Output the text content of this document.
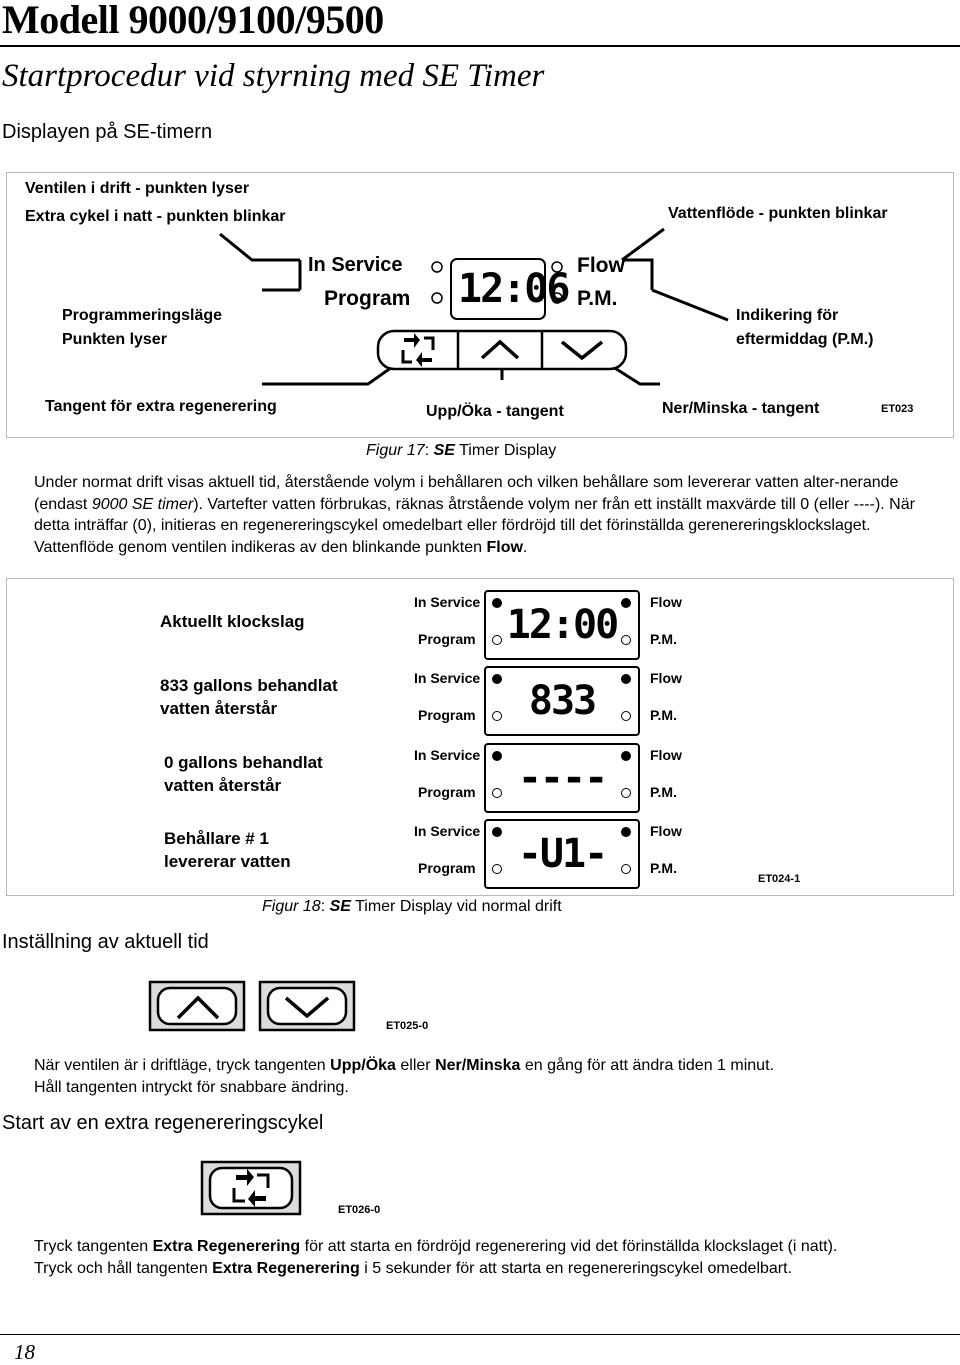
Modell 9000/9100/9500
Startprocedur vid styrning med SE Timer
Displayen på SE-timern
Ventilen i drift - punkten lyser
Extra cykel i natt - punkten blinkar	Vattenflöde - punkten blinkar
Programmeringsläge
Punkten lyser
Indikering för
eftermiddag (P.M.)
In Service
Program
Flow
P.M.
12:06
Tangent för extra regenerering	Upp/Öka - tangent	Ner/Minska - tangent	ET023
Figur 17: SE Timer Display
Under normat drift visas aktuell tid, återstående volym i behållaren och vilken behållare som levererar vatten alter-nerande (endast 9000 SE timer). Vartefter vatten förbrukas, räknas åtrstående volym ner från ett inställt maxvärde till 0 (eller ----). När detta inträffar (0), initieras en regenereringscykel omedelbart eller fördröjd till det förinställda gerenereringsklockslaget. Vattenflöde genom ventilen indikeras av den blinkande punkten Flow.
Aktuellt klockslag
In Service
Program
Flow
P.M.
12:00
833 gallons behandlat
vatten återstår
In Service
Program
Flow
P.M.
833
0 gallons behandlat
vatten återstår
In Service
Program
Flow
P.M.
----
Behållare # 1
levererar vatten
In Service
Program
Flow
P.M.
-U1-
ET024-1
Figur 18: SE Timer Display vid normal drift
Inställning av aktuell tid
ET025-0
När ventilen är i driftläge, tryck tangenten Upp/Öka eller Ner/Minska en gång för att ändra tiden 1 minut.
Håll tangenten intryckt för snabbare ändring.
Start av en extra regenereringscykel
ET026-0
Tryck tangenten Extra Regenerering för att starta en fördröjd regenerering vid det förinställda klockslaget (i natt).
Tryck och håll tangenten Extra Regenerering i 5 sekunder för att starta en regenereringscykel omedelbart.
18
